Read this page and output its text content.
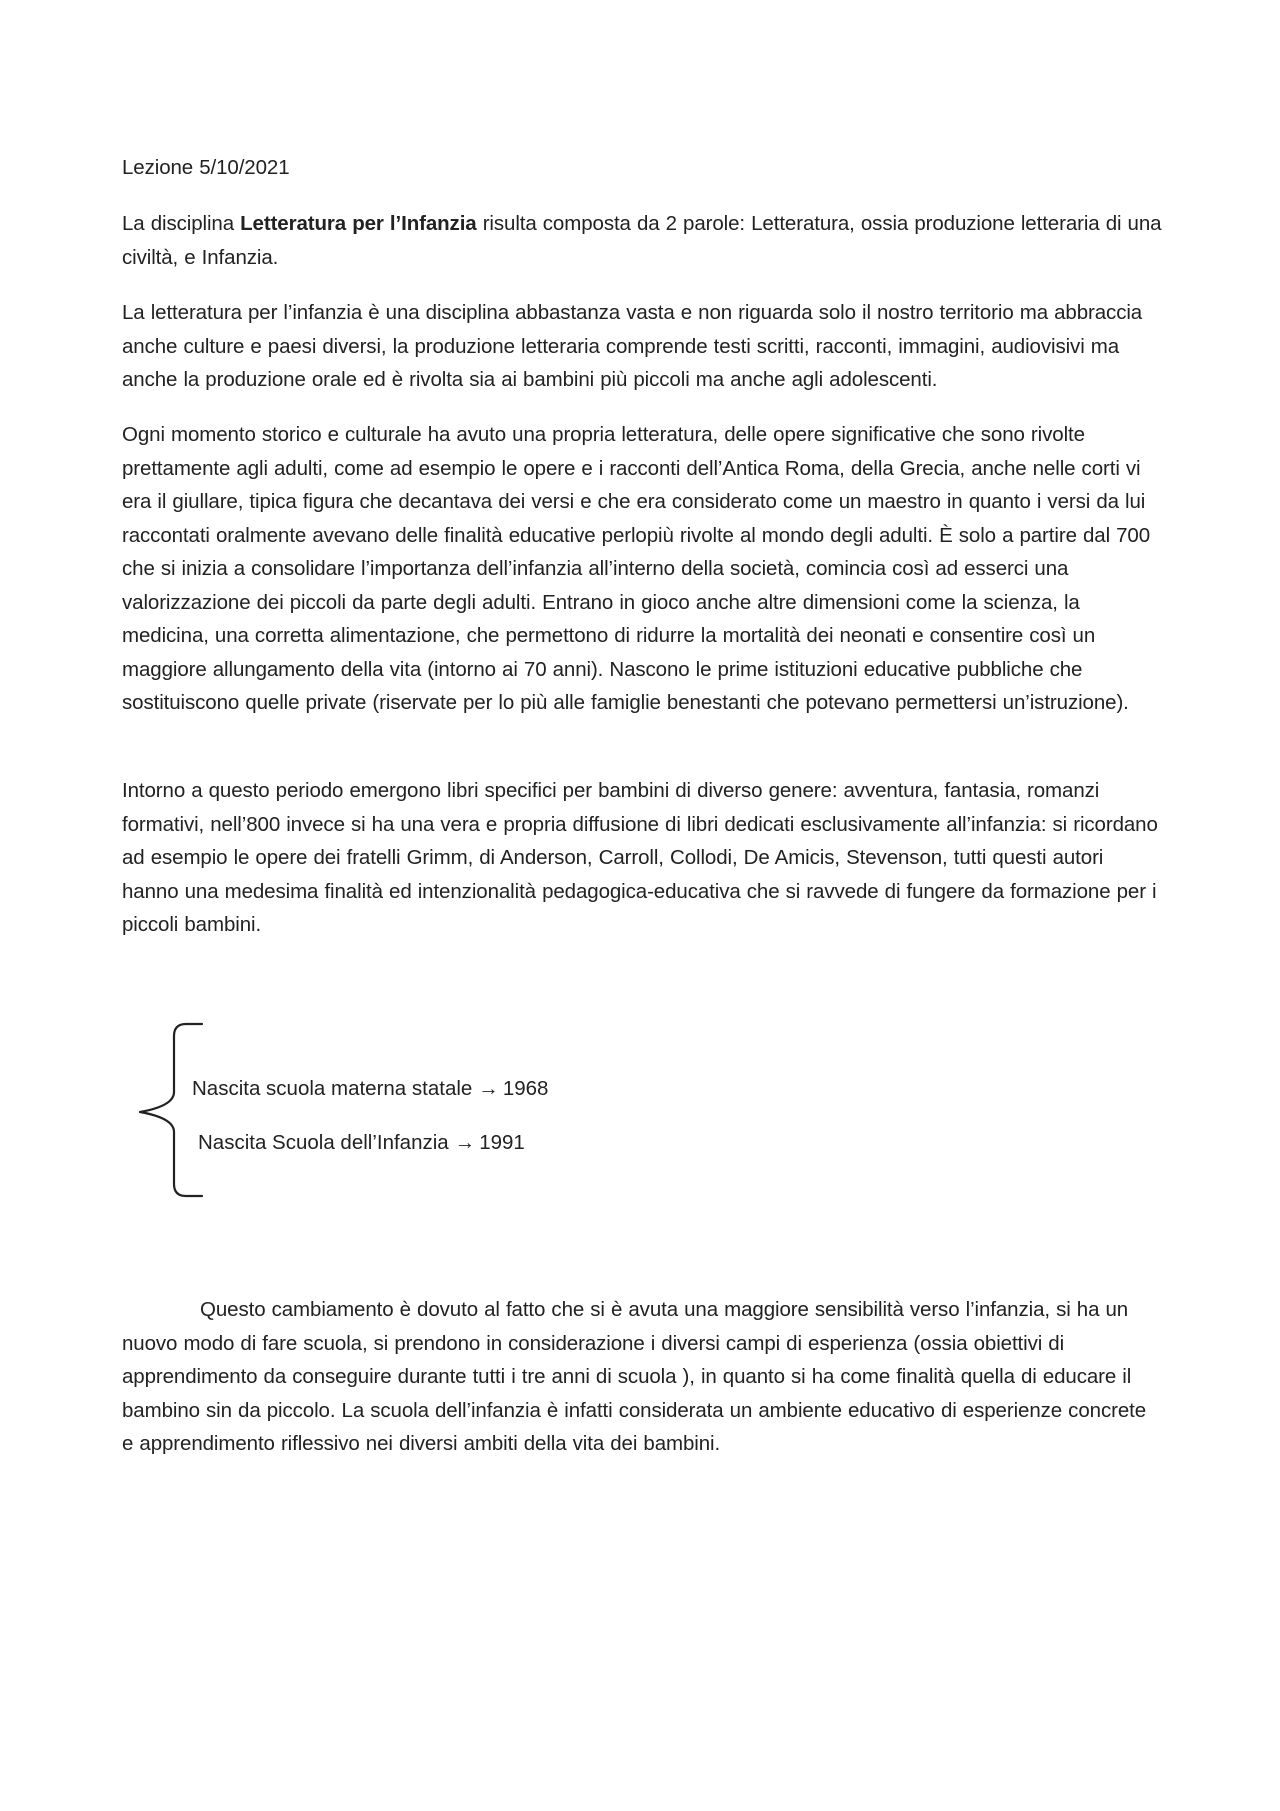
Lezione 5/10/2021

La disciplina Letteratura per l’Infanzia risulta composta da 2 parole: Letteratura, ossia produzione letteraria di una civiltà, e Infanzia.

La letteratura per l’infanzia è una disciplina abbastanza vasta e non riguarda solo il nostro territorio ma abbraccia anche culture e paesi diversi, la produzione letteraria comprende testi scritti, racconti, immagini, audiovisivi ma anche la produzione orale ed è rivolta sia ai bambini più piccoli ma anche agli adolescenti.

Ogni momento storico e culturale ha avuto una propria letteratura, delle opere significative che sono rivolte prettamente agli adulti, come ad esempio le opere e i racconti dell’Antica Roma, della Grecia, anche nelle corti vi era il giullare, tipica figura che decantava dei versi e che era considerato come un maestro in quanto i versi da lui raccontati oralmente avevano delle finalità educative perlopiù rivolte al mondo degli adulti. È solo a partire dal 700 che si inizia a consolidare l’importanza dell’infanzia all’interno della società, comincia così ad esserci una valorizzazione dei piccoli da parte degli adulti. Entrano in gioco anche altre dimensioni come la scienza, la medicina, una corretta alimentazione, che permettono di ridurre la mortalità dei neonati e consentire così un maggiore allungamento della vita (intorno ai 70 anni). Nascono le prime istituzioni educative pubbliche che sostituiscono quelle private (riservate per lo più alle famiglie benestanti che potevano permettersi un’istruzione).

Intorno a questo periodo emergono libri specifici per bambini di diverso genere: avventura, fantasia, romanzi formativi, nell’800 invece si ha una vera e propria diffusione di libri dedicati esclusivamente all’infanzia: si ricordano ad esempio le opere dei fratelli Grimm, di Anderson, Carroll, Collodi, De Amicis, Stevenson, tutti questi autori hanno una medesima finalità ed intenzionalità pedagogica-educativa che si ravvede di fungere da formazione per i piccoli bambini.

Nascita scuola materna statale → 1968

Nascita Scuola dell’Infanzia → 1991

Questo cambiamento è dovuto al fatto che si è avuta una maggiore sensibilità verso l’infanzia, si ha un nuovo modo di fare scuola, si prendono in considerazione i diversi campi di esperienza (ossia obiettivi di apprendimento da conseguire durante tutti i tre anni di scuola ), in quanto si ha come finalità quella di educare il bambino sin da piccolo. La scuola dell’infanzia è infatti considerata un ambiente educativo di esperienze concrete e apprendimento riflessivo nei diversi ambiti della vita dei bambini.
